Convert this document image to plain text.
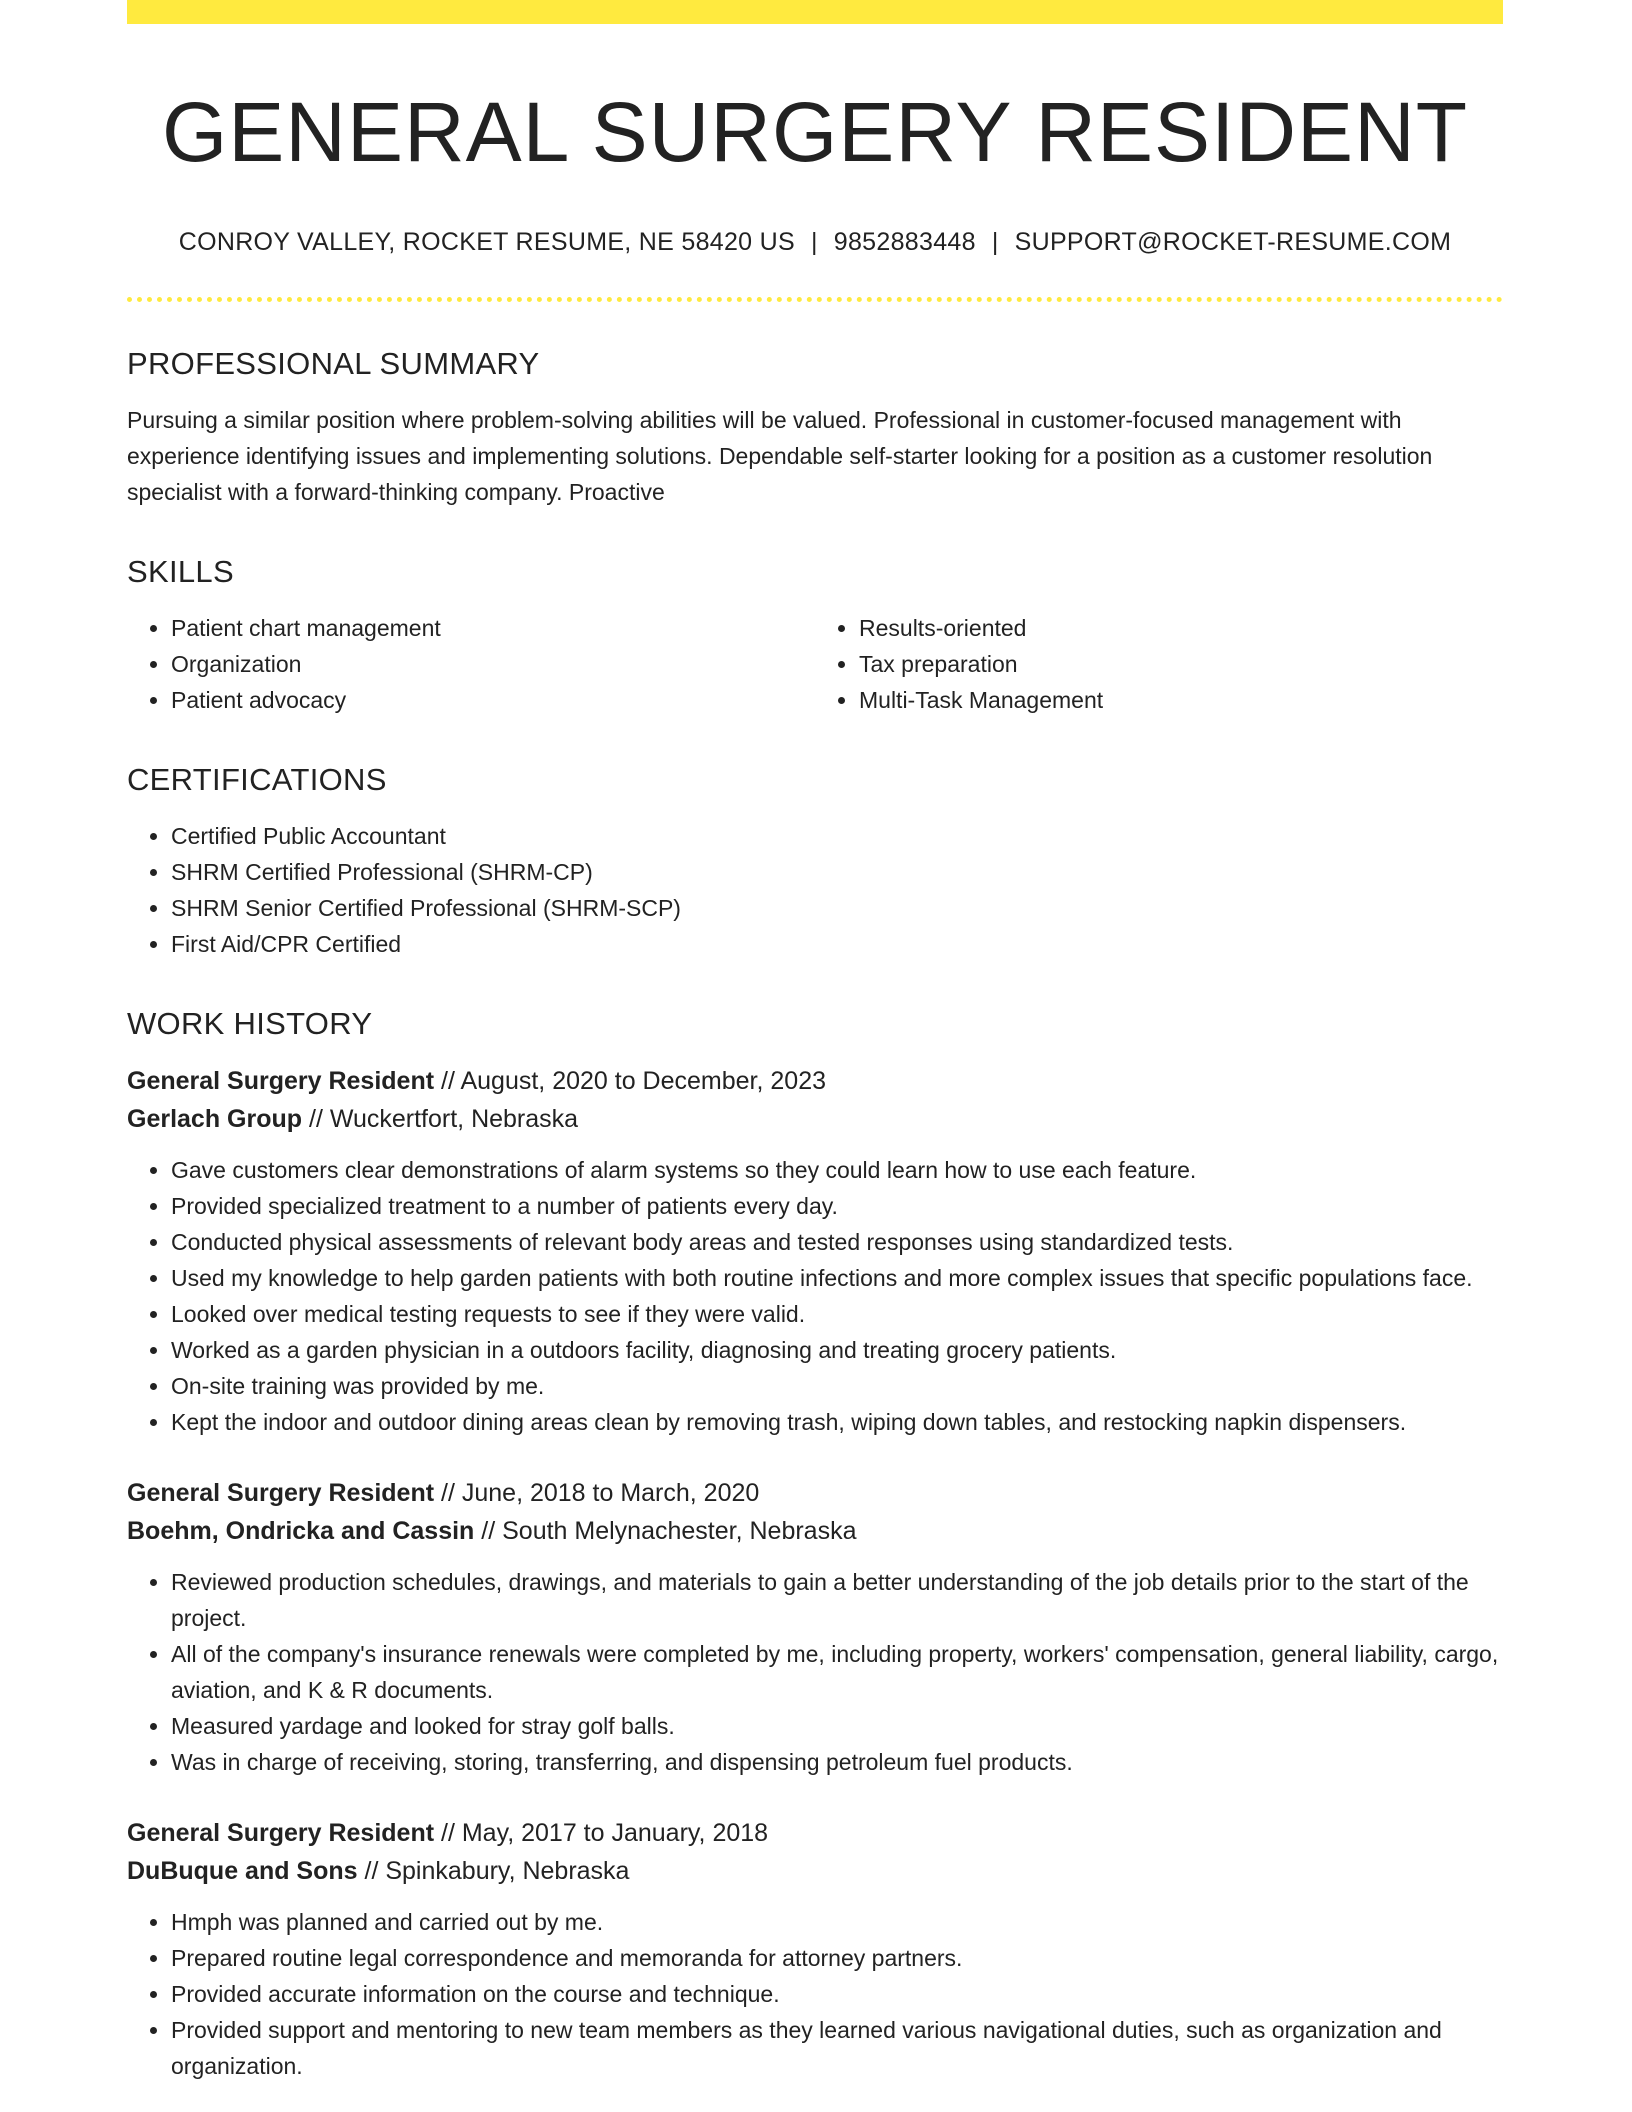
GENERAL SURGERY RESIDENT
CONROY VALLEY, ROCKET RESUME, NE 58420 US | 9852883448 | SUPPORT@ROCKET-RESUME.COM
PROFESSIONAL SUMMARY

Pursuing a similar position where problem-solving abilities will be valued. Professional in customer-focused management with experience identifying issues and implementing solutions. Dependable self-starter looking for a position as a customer resolution specialist with a forward-thinking company. Proactive

SKILLS
• Patient chart management
• Organization
• Patient advocacy
• Results-oriented
• Tax preparation
• Multi-Task Management
CERTIFICATIONS
• Certified Public Accountant
• SHRM Certified Professional (SHRM-CP)
• SHRM Senior Certified Professional (SHRM-SCP)
• First Aid/CPR Certified
WORK HISTORY
General Surgery Resident // August, 2020 to December, 2023
Gerlach Group // Wuckertfort, Nebraska
• Gave customers clear demonstrations of alarm systems so they could learn how to use each feature.
• Provided specialized treatment to a number of patients every day.
• Conducted physical assessments of relevant body areas and tested responses using standardized tests.
• Used my knowledge to help garden patients with both routine infections and more complex issues that specific populations face.
• Looked over medical testing requests to see if they were valid.
• Worked as a garden physician in a outdoors facility, diagnosing and treating grocery patients.
• On-site training was provided by me.
• Kept the indoor and outdoor dining areas clean by removing trash, wiping down tables, and restocking napkin dispensers.
General Surgery Resident // June, 2018 to March, 2020
Boehm, Ondricka and Cassin // South Melynachester, Nebraska
• Reviewed production schedules, drawings, and materials to gain a better understanding of the job details prior to the start of the project.
• All of the company's insurance renewals were completed by me, including property, workers' compensation, general liability, cargo, aviation, and K & R documents.
• Measured yardage and looked for stray golf balls.
• Was in charge of receiving, storing, transferring, and dispensing petroleum fuel products.
General Surgery Resident // May, 2017 to January, 2018
DuBuque and Sons // Spinkabury, Nebraska
• Hmph was planned and carried out by me.
• Prepared routine legal correspondence and memoranda for attorney partners.
• Provided accurate information on the course and technique.
• Provided support and mentoring to new team members as they learned various navigational duties, such as organization and organization.
